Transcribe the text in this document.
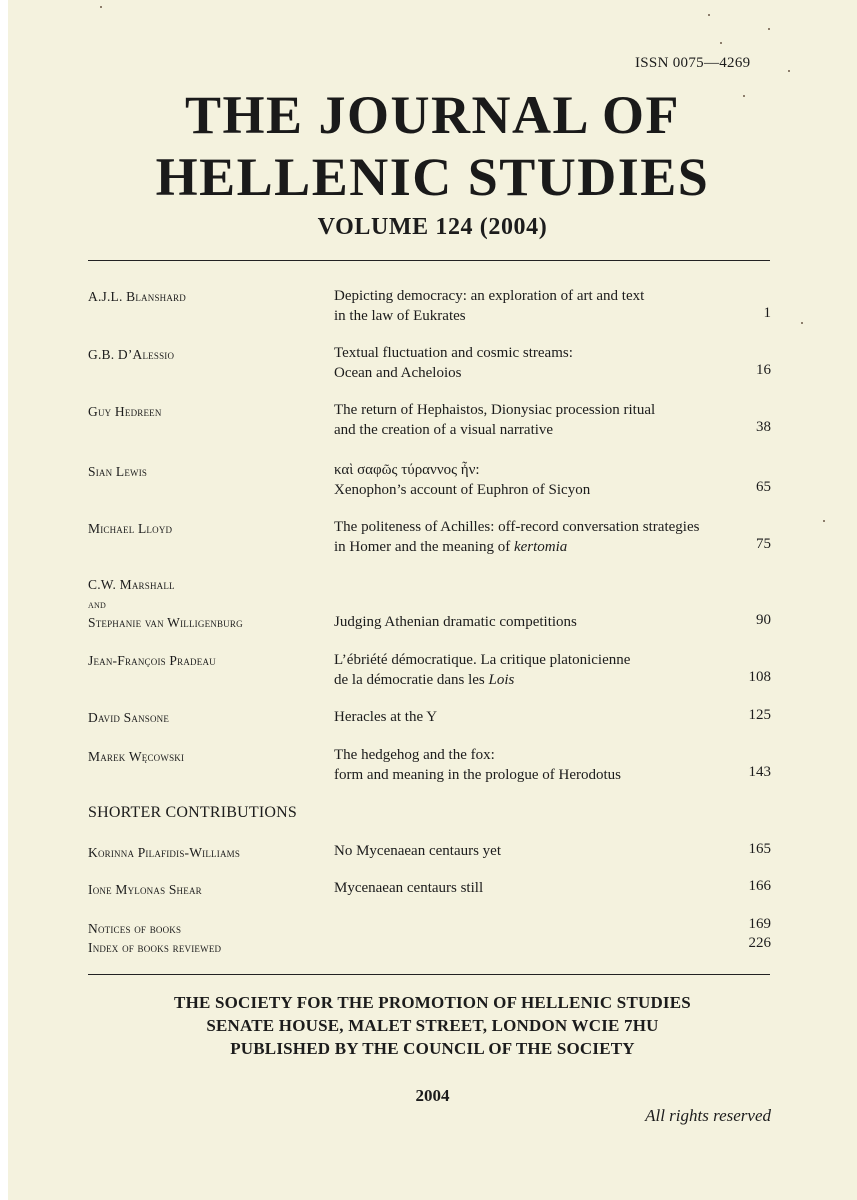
ISSN 0075—4269
THE JOURNAL OF
HELLENIC STUDIES
VOLUME 124 (2004)
A.J.L. Blanshard	Depicting democracy: an exploration of art and text
in the law of Eukrates	1
G.B. D’Alessio	Textual fluctuation and cosmic streams:
Ocean and Acheloios	16
Guy Hedreen	The return of Hephaistos, Dionysiac procession ritual
and the creation of a visual narrative	38
Sian Lewis	καὶ σαφῶς τύραννος ἦν:
Xenophon’s account of Euphron of Sicyon	65
Michael Lloyd	The politeness of Achilles: off-record conversation strategies
in Homer and the meaning of kertomia	75
C.W. Marshall
and
Stephanie van Willigenburg	Judging Athenian dramatic competitions	90
Jean-François Pradeau	L’ébriété démocratique. La critique platonicienne
de la démocratie dans les Lois	108
David Sansone	Heracles at the Y	125
Marek Węcowski	The hedgehog and the fox:
form and meaning in the prologue of Herodotus	143
SHORTER CONTRIBUTIONS
Korinna Pilafidis-Williams	No Mycenaean centaurs yet	165
Ione Mylonas Shear	Mycenaean centaurs still	166
Notices of books	169
Index of books reviewed	226
THE SOCIETY FOR THE PROMOTION OF HELLENIC STUDIES
SENATE HOUSE, MALET STREET, LONDON WCIE 7HU
PUBLISHED BY THE COUNCIL OF THE SOCIETY
2004
All rights reserved
